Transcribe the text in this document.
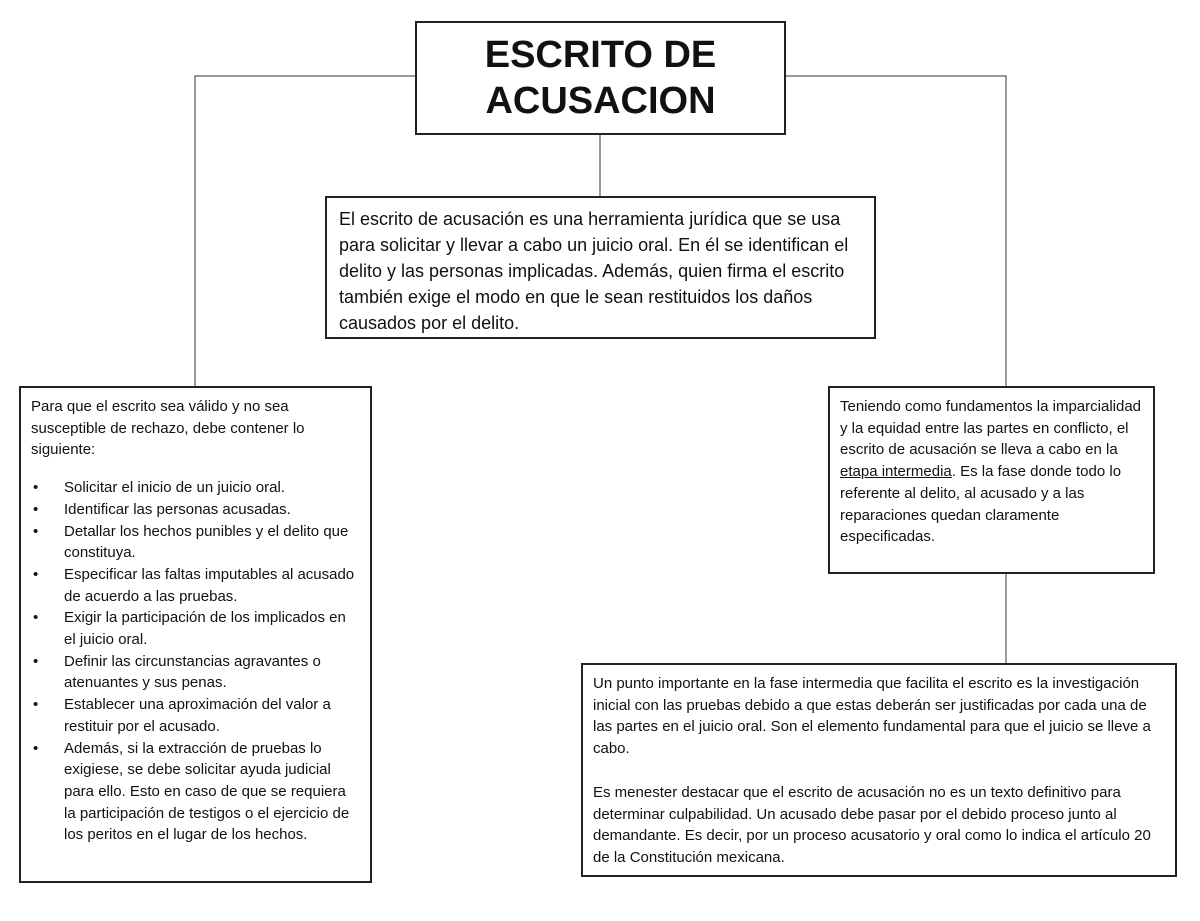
ESCRITO DE ACUSACION

El escrito de acusación es una herramienta jurídica que se usa para solicitar y llevar a cabo un juicio oral. En él se identifican el delito y las personas implicadas. Además, quien firma el escrito también exige el modo en que le sean restituidos los daños causados por el delito.

Para que el escrito sea válido y no sea susceptible de rechazo, debe contener lo siguiente:

• Solicitar el inicio de un juicio oral.
• Identificar las personas acusadas.
• Detallar los hechos punibles y el delito que constituya.
• Especificar las faltas imputables al acusado de acuerdo a las pruebas.
• Exigir la participación de los implicados en el juicio oral.
• Definir las circunstancias agravantes o atenuantes y sus penas.
• Establecer una aproximación del valor a restituir por el acusado.
• Además, si la extracción de pruebas lo exigiese, se debe solicitar ayuda judicial para ello. Esto en caso de que se requiera la participación de testigos o el ejercicio de los peritos en el lugar de los hechos.

Teniendo como fundamentos la imparcialidad y la equidad entre las partes en conflicto, el escrito de acusación se lleva a cabo en la etapa intermedia. Es la fase donde todo lo referente al delito, al acusado y a las reparaciones quedan claramente especificadas.

Un punto importante en la fase intermedia que facilita el escrito es la investigación inicial con las pruebas debido a que estas deberán ser justificadas por cada una de las partes en el juicio oral. Son el elemento fundamental para que el juicio se lleve a cabo.

Es menester destacar que el escrito de acusación no es un texto definitivo para determinar culpabilidad. Un acusado debe pasar por el debido proceso junto al demandante. Es decir, por un proceso acusatorio y oral como lo indica el artículo 20 de la Constitución mexicana.
